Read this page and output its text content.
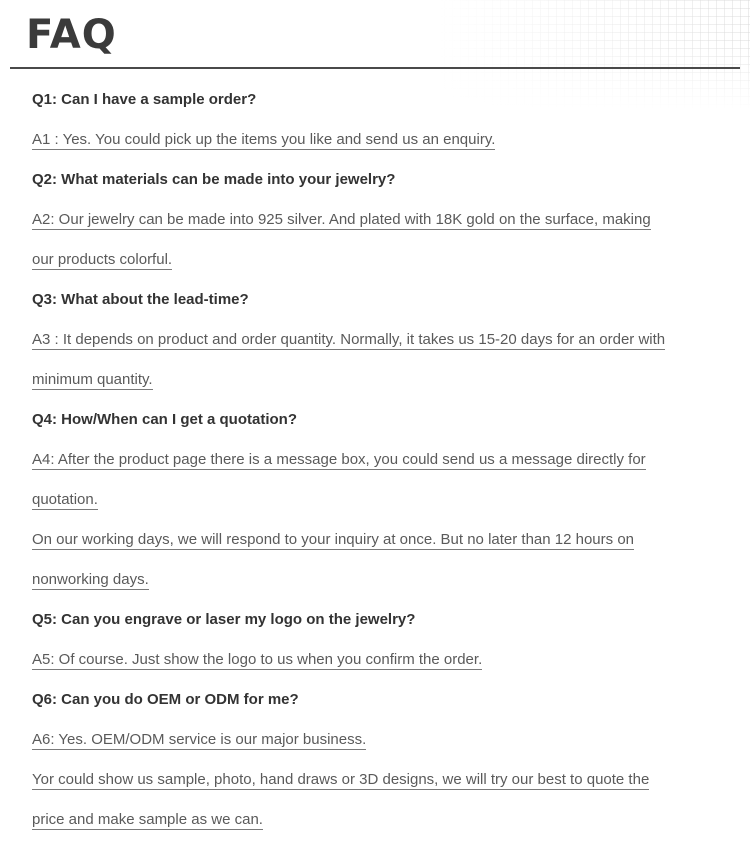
FAQ
Q1: Can I have a sample order?
A1 : Yes. You could pick up the items you like and send us an enquiry.
Q2: What materials can be made into your jewelry?
A2: Our jewelry can be made into 925 silver. And plated with 18K gold on the surface, making
our products colorful.
Q3: What about the lead-time?
A3 : It depends on product and order quantity. Normally, it takes us 15-20 days for an order with
minimum quantity.
Q4: How/When can I get a quotation?
A4: After the product page there is a message box, you could send us a message directly for
quotation.
On our working days, we will respond to your inquiry at once. But no later than 12 hours on
nonworking days.
Q5: Can you engrave or laser my logo on the jewelry?
A5: Of course. Just show the logo to us when you confirm the order.
Q6: Can you do OEM or ODM for me?
A6: Yes. OEM/ODM service is our major business.
Yor could show us sample, photo, hand draws or 3D designs, we will try our best to quote the
price and make sample as we can.
